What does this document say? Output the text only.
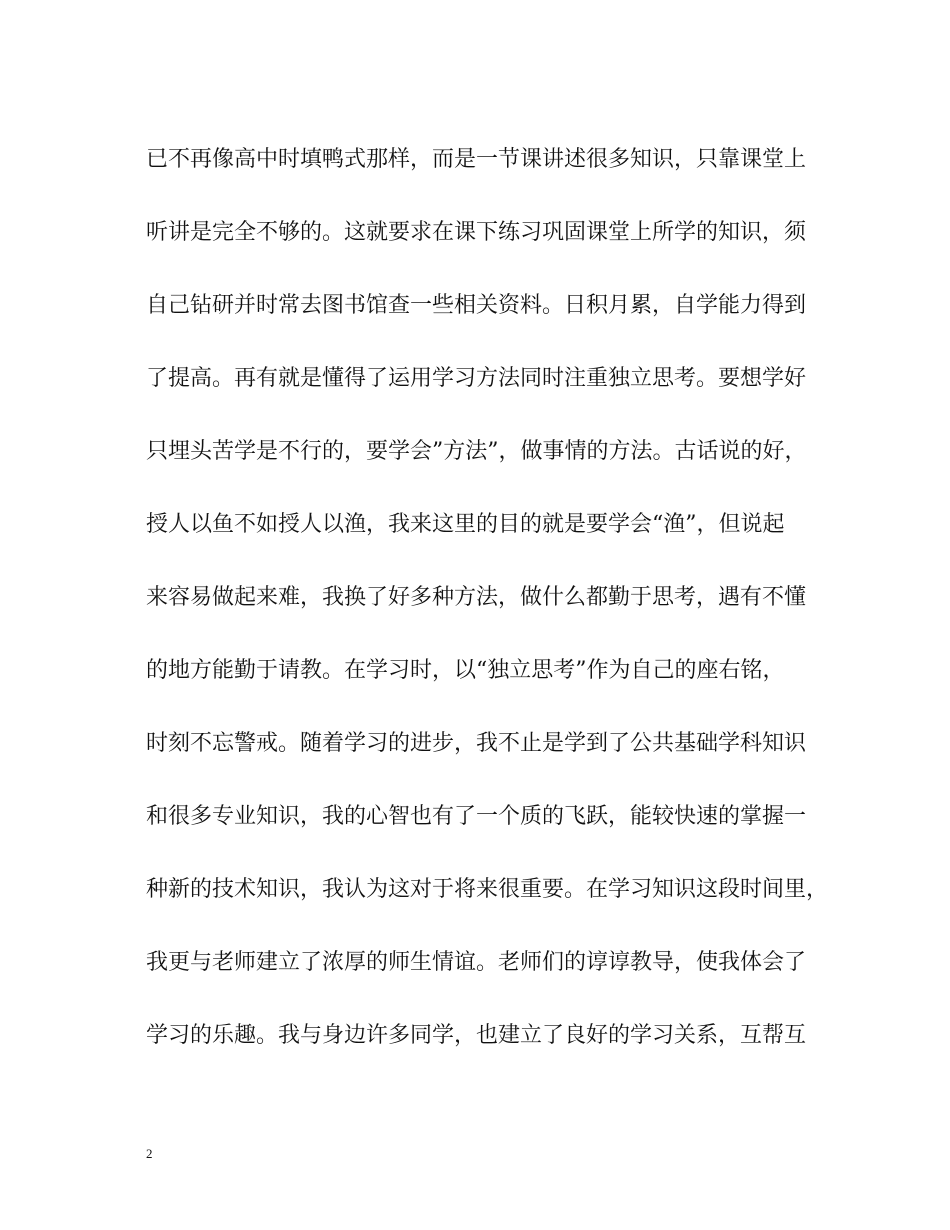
已不再像高中时填鸭式那样，而是一节课讲述很多知识，只靠课堂上
听讲是完全不够的。这就要求在课下练习巩固课堂上所学的知识，须
自己钻研并时常去图书馆查一些相关资料。日积月累，自学能力得到
了提高。再有就是懂得了运用学习方法同时注重独立思考。要想学好
只埋头苦学是不行的，要学会”方法”，做事情的方法。古话说的好，
授人以鱼不如授人以渔，我来这里的目的就是要学会“渔”，但说起
来容易做起来难，我换了好多种方法，做什么都勤于思考，遇有不懂
的地方能勤于请教。在学习时，以“独立思考”作为自己的座右铭，
时刻不忘警戒。随着学习的进步，我不止是学到了公共基础学科知识
和很多专业知识，我的心智也有了一个质的飞跃，能较快速的掌握一
种新的技术知识，我认为这对于将来很重要。在学习知识这段时间里，
我更与老师建立了浓厚的师生情谊。老师们的谆谆教导，使我体会了
学习的乐趣。我与身边许多同学，也建立了良好的学习关系，互帮互
2
